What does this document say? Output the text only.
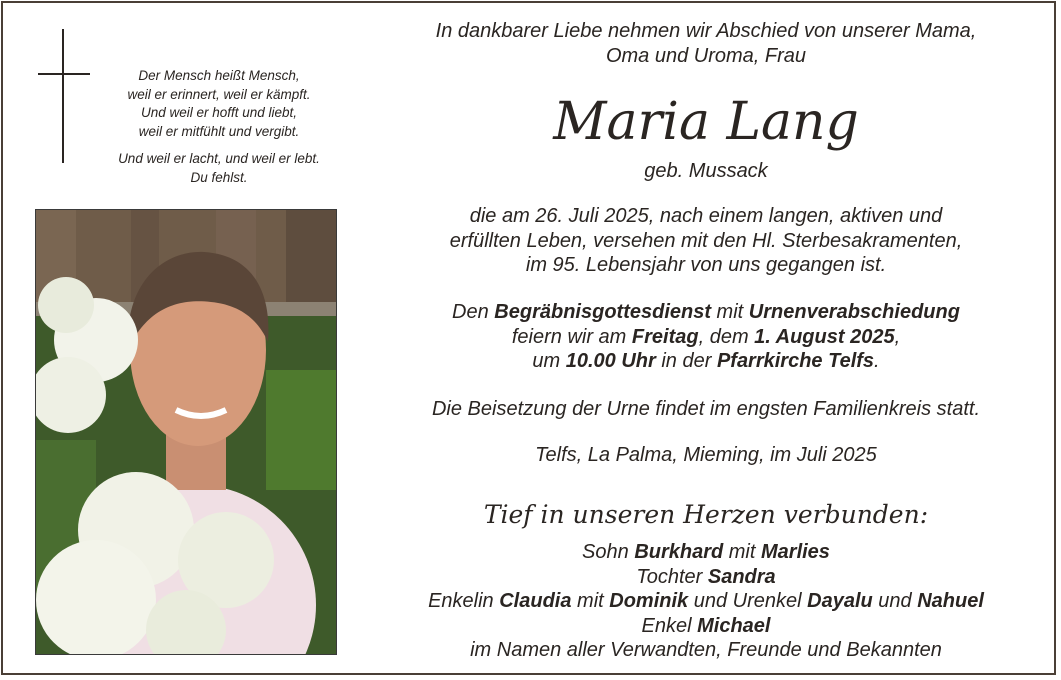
Der Mensch heißt Mensch,
weil er erinnert, weil er kämpft.
Und weil er hofft und liebt,
weil er mitfühlt und vergibt.
Und weil er lacht, und weil er lebt.
Du fehlst.
In dankbarer Liebe nehmen wir Abschied von unserer Mama,
Oma und Uroma, Frau
Maria Lang
geb. Mussack
die am 26. Juli 2025, nach einem langen, aktiven und
erfüllten Leben, versehen mit den Hl. Sterbesakramenten,
im 95. Lebensjahr von uns gegangen ist.
Den Begräbnisgottesdienst mit Urnenverabschiedung
feiern wir am Freitag, dem 1. August 2025,
um 10.00 Uhr in der Pfarrkirche Telfs.
Die Beisetzung der Urne findet im engsten Familienkreis statt.
Telfs, La Palma, Mieming, im Juli 2025
Tief in unseren Herzen verbunden:
Sohn Burkhard mit Marlies
Tochter Sandra
Enkelin Claudia mit Dominik und Urenkel Dayalu und Nahuel
Enkel Michael
im Namen aller Verwandten, Freunde und Bekannten
